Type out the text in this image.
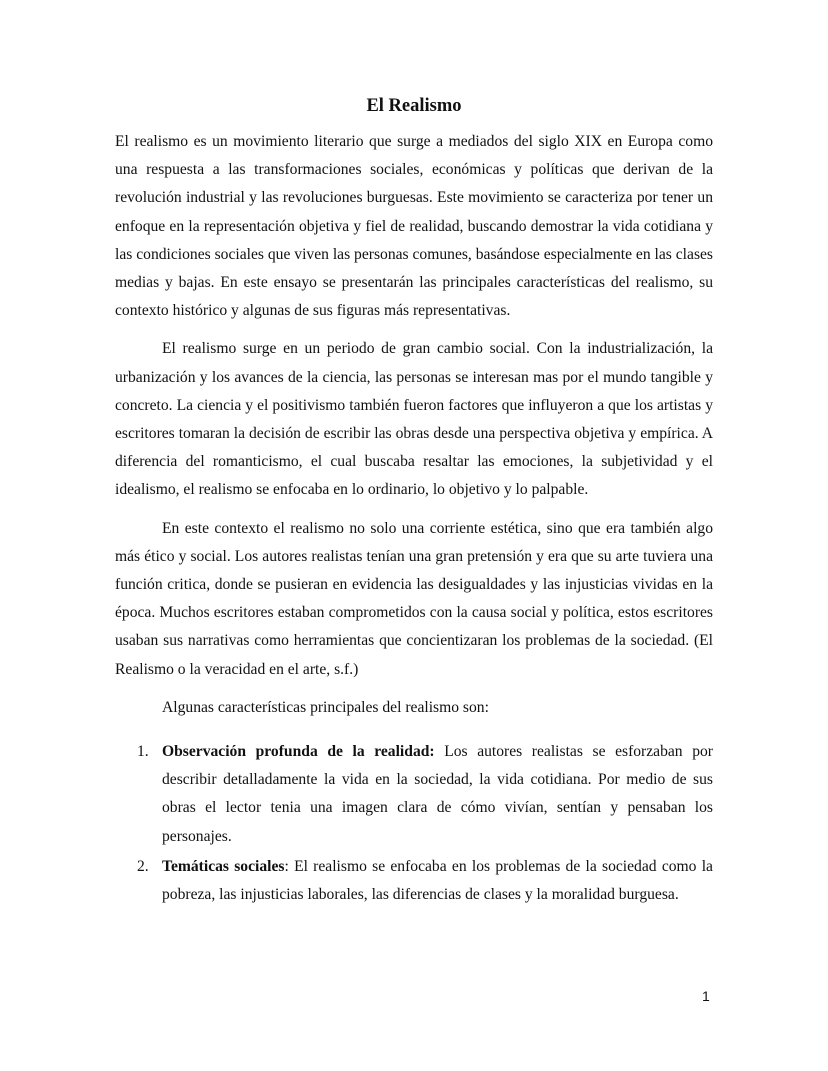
El Realismo

El realismo es un movimiento literario que surge a mediados del siglo XIX en Europa como una respuesta a las transformaciones sociales, económicas y políticas que derivan de la revolución industrial y las revoluciones burguesas. Este movimiento se caracteriza por tener un enfoque en la representación objetiva y fiel de realidad, buscando demostrar la vida cotidiana y las condiciones sociales que viven las personas comunes, basándose especialmente en las clases medias y bajas. En este ensayo se presentarán las principales características del realismo, su contexto histórico y algunas de sus figuras más representativas.

El realismo surge en un periodo de gran cambio social. Con la industrialización, la urbanización y los avances de la ciencia, las personas se interesan mas por el mundo tangible y concreto. La ciencia y el positivismo también fueron factores que influyeron a que los artistas y escritores tomaran la decisión de escribir las obras desde una perspectiva objetiva y empírica. A diferencia del romanticismo, el cual buscaba resaltar las emociones, la subjetividad y el idealismo, el realismo se enfocaba en lo ordinario, lo objetivo y lo palpable.

En este contexto el realismo no solo una corriente estética, sino que era también algo más ético y social. Los autores realistas tenían una gran pretensión y era que su arte tuviera una función critica, donde se pusieran en evidencia las desigualdades y las injusticias vividas en la época. Muchos escritores estaban comprometidos con la causa social y política, estos escritores usaban sus narrativas como herramientas que concientizaran los problemas de la sociedad. (El Realismo o la veracidad en el arte, s.f.)

Algunas características principales del realismo son:

1. Observación profunda de la realidad: Los autores realistas se esforzaban por describir detalladamente la vida en la sociedad, la vida cotidiana. Por medio de sus obras el lector tenia una imagen clara de cómo vivían, sentían y pensaban los personajes.
2. Temáticas sociales: El realismo se enfocaba en los problemas de la sociedad como la pobreza, las injusticias laborales, las diferencias de clases y la moralidad burguesa.
1
